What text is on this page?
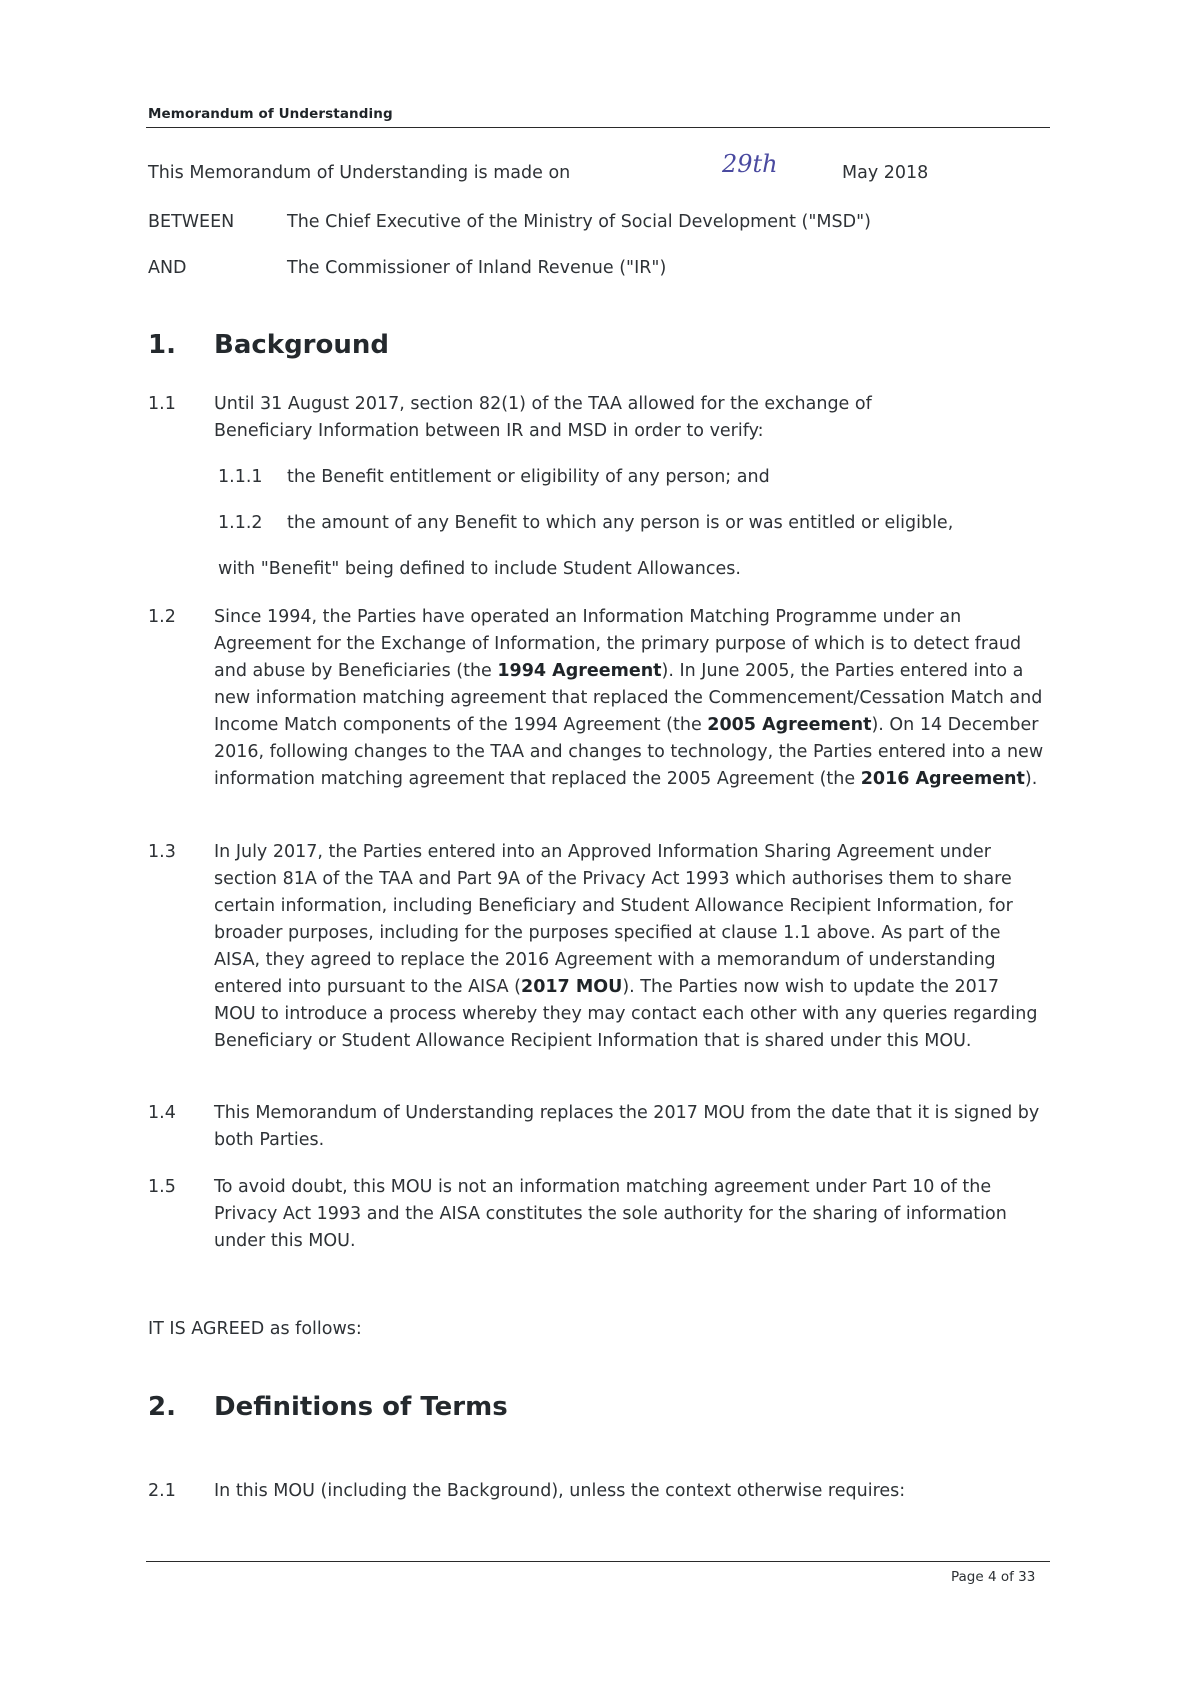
Memorandum of Understanding
This Memorandum of Understanding is made on	29th	May 2018
BETWEEN	The Chief Executive of the Ministry of Social Development ("MSD")
AND	The Commissioner of Inland Revenue ("IR")
1. Background
1.1 Until 31 August 2017, section 82(1) of the TAA allowed for the exchange of Beneficiary Information between IR and MSD in order to verify:
1.1.1 the Benefit entitlement or eligibility of any person; and
1.1.2 the amount of any Benefit to which any person is or was entitled or eligible,
with "Benefit" being defined to include Student Allowances.
1.2 Since 1994, the Parties have operated an Information Matching Programme under an Agreement for the Exchange of Information, the primary purpose of which is to detect fraud and abuse by Beneficiaries (the 1994 Agreement). In June 2005, the Parties entered into a new information matching agreement that replaced the Commencement/Cessation Match and Income Match components of the 1994 Agreement (the 2005 Agreement). On 14 December 2016, following changes to the TAA and changes to technology, the Parties entered into a new information matching agreement that replaced the 2005 Agreement (the 2016 Agreement).
1.3 In July 2017, the Parties entered into an Approved Information Sharing Agreement under section 81A of the TAA and Part 9A of the Privacy Act 1993 which authorises them to share certain information, including Beneficiary and Student Allowance Recipient Information, for broader purposes, including for the purposes specified at clause 1.1 above. As part of the AISA, they agreed to replace the 2016 Agreement with a memorandum of understanding entered into pursuant to the AISA (2017 MOU). The Parties now wish to update the 2017 MOU to introduce a process whereby they may contact each other with any queries regarding Beneficiary or Student Allowance Recipient Information that is shared under this MOU.
1.4 This Memorandum of Understanding replaces the 2017 MOU from the date that it is signed by both Parties.
1.5 To avoid doubt, this MOU is not an information matching agreement under Part 10 of the Privacy Act 1993 and the AISA constitutes the sole authority for the sharing of information under this MOU.
IT IS AGREED as follows:
2. Definitions of Terms
2.1 In this MOU (including the Background), unless the context otherwise requires:
Page 4 of 33
